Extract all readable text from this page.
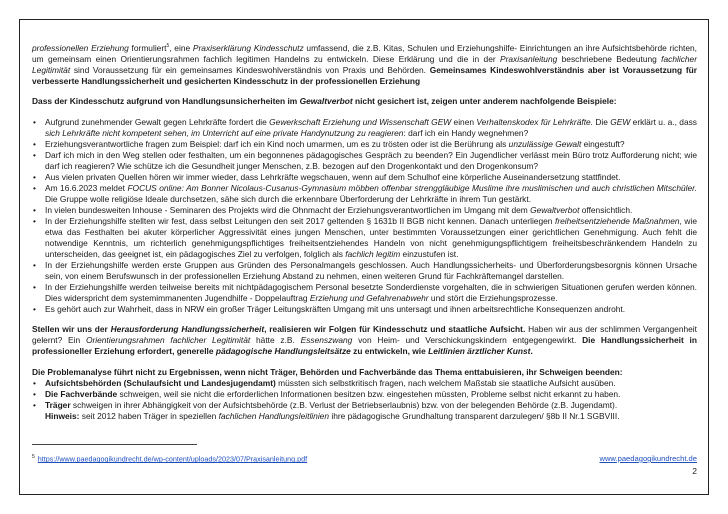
professionellen Erziehung formuliert$^5$, eine Praxiserklärung Kindesschutz umfassend, die z.B. Kitas, Schulen und Erziehungshilfe- Einrichtungen an ihre Aufsichtsbehörde richten, um gemeinsam einen Orientierungsrahmen fachlich legitimen Handelns zu entwickeln. Diese Erklärung und die in der Praxisanleitung beschriebene Bedeutung fachlicher Legitimität sind Voraussetzung für ein gemeinsames Kindeswohlverständnis von Praxis und Behörden. Gemeinsames Kindeswohlverständnis aber ist Voraussetzung für verbesserte Handlungssicherheit und gesicherten Kindesschutz in der professionellen Erziehung

Dass der Kindesschutz aufgrund von Handlungsunsicherheiten im Gewaltverbot nicht gesichert ist, zeigen unter anderem nachfolgende Beispiele:

• Aufgrund zunehmender Gewalt gegen Lehrkräfte fordert die Gewerkschaft Erziehung und Wissenschaft GEW einen Verhaltenskodex für Lehrkräfte. Die GEW erklärt u. a., dass sich Lehrkräfte nicht kompetent sehen, im Unterricht auf eine private Handynutzung zu reagieren: darf ich ein Handy wegnehmen?
• Erziehungsverantwortliche fragen zum Beispiel: darf ich ein Kind noch umarmen, um es zu trösten oder ist die Berührung als unzulässige Gewalt eingestuft?
• Darf ich mich in den Weg stellen oder festhalten, um ein begonnenes pädagogisches Gespräch zu beenden? Ein Jugendlicher verlässt mein Büro trotz Aufforderung nicht; wie darf ich reagieren? Wie schütze ich die Gesundheit junger Menschen, z.B. bezogen auf den Drogenkontakt und den Drogenkonsum?
• Aus vielen privaten Quellen hören wir immer wieder, dass Lehrkräfte wegschauen, wenn auf dem Schulhof eine körperliche Auseinandersetzung stattfindet.
• Am 16.6.2023 meldet FOCUS online: Am Bonner Nicolaus-Cusanus-Gymnasium möbben offenbar strenggläubige Muslime ihre muslimischen und auch christlichen Mitschüler. Die Gruppe wolle religiöse Ideale durchsetzen, sähe sich durch die erkennbare Überforderung der Lehrkräfte in ihrem Tun gestärkt.
• In vielen bundesweiten Inhouse - Seminaren des Projekts wird die Ohnmacht der Erziehungsverantwortlichen im Umgang mit dem Gewaltverbot offensichtlich.
• In der Erziehungshilfe stellten wir fest, dass selbst Leitungen den seit 2017 geltenden § 1631b II BGB nicht kennen. Danach unterliegen freiheitsentziehende Maßnahmen, wie etwa das Festhalten bei akuter körperlicher Aggressivität eines jungen Menschen, unter bestimmten Voraussetzungen einer gerichtlichen Genehmigung. Auch fehlt die notwendige Kenntnis, um richterlich genehmigungspflichtiges freiheitsentziehendes Handeln von nicht genehmigungspflichtigem freiheitsbeschränkendem Handeln zu unterscheiden, das geeignet ist, ein pädagogisches Ziel zu verfolgen, folglich als fachlich legitim einzustufen ist.
• In der Erziehungshilfe werden erste Gruppen aus Gründen des Personalmangels geschlossen. Auch Handlungssicherheits- und Überforderungsbesorgnis können Ursache sein, von einem Berufswunsch in der professionellen Erziehung Abstand zu nehmen, einen weiteren Grund für Fachkräftemangel darstellen.
• In der Erziehungshilfe werden teilweise bereits mit nichtpädagogischem Personal besetzte Sonderdienste vorgehalten, die in schwierigen Situationen gerufen werden können. Dies widerspricht dem systemimmanenten Jugendhilfe - Doppelauftrag Erziehung und Gefahrenabwehr und stört die Erziehungsprozesse.
• Es gehört auch zur Wahrheit, dass in NRW ein großer Träger Leitungskräften Umgang mit uns untersagt und ihnen arbeitsrechtliche Konsequenzen androht.

Stellen wir uns der Herausforderung Handlungssicherheit, realisieren wir Folgen für Kindesschutz und staatliche Aufsicht. Haben wir aus der schlimmen Vergangenheit gelernt? Ein Orientierungsrahmen fachlicher Legitimität hätte z.B. Essenszwang von Heim- und Verschickungskindern entgegengewirkt. Die Handlungssicherheit in professioneller Erziehung erfordert, generelle pädagogische Handlungsleitsätze zu entwickeln, wie Leitlinien ärztlicher Kunst.

Die Problemanalyse führt nicht zu Ergebnissen, wenn nicht Träger, Behörden und Fachverbände das Thema enttabuisieren, ihr Schweigen beenden:

• Aufsichtsbehörden (Schulaufsicht und Landesjugendamt) müssten sich selbstkritisch fragen, nach welchem Maßstab sie staatliche Aufsicht ausüben.
• Die Fachverbände schweigen, weil sie nicht die erforderlichen Informationen besitzen bzw. eingestehen müssten, Probleme selbst nicht erkannt zu haben.
• Träger schweigen in ihrer Abhängigkeit von der Aufsichtsbehörde (z.B. Verlust der Betriebserlaubnis) bzw. von der belegenden Behörde (z.B. Jugendamt).
Hinweis: seit 2012 haben Träger in speziellen fachlichen Handlungsleitlinien ihre pädagogische Grundhaltung transparent darzulegen/ §8b II Nr.1 SGBVIII.
$^5$ https://www.paedagogikundrecht.de/wp-content/uploads/2023/07/Praxisanleitung.pdf	www.paedagogikundrecht.de
2
